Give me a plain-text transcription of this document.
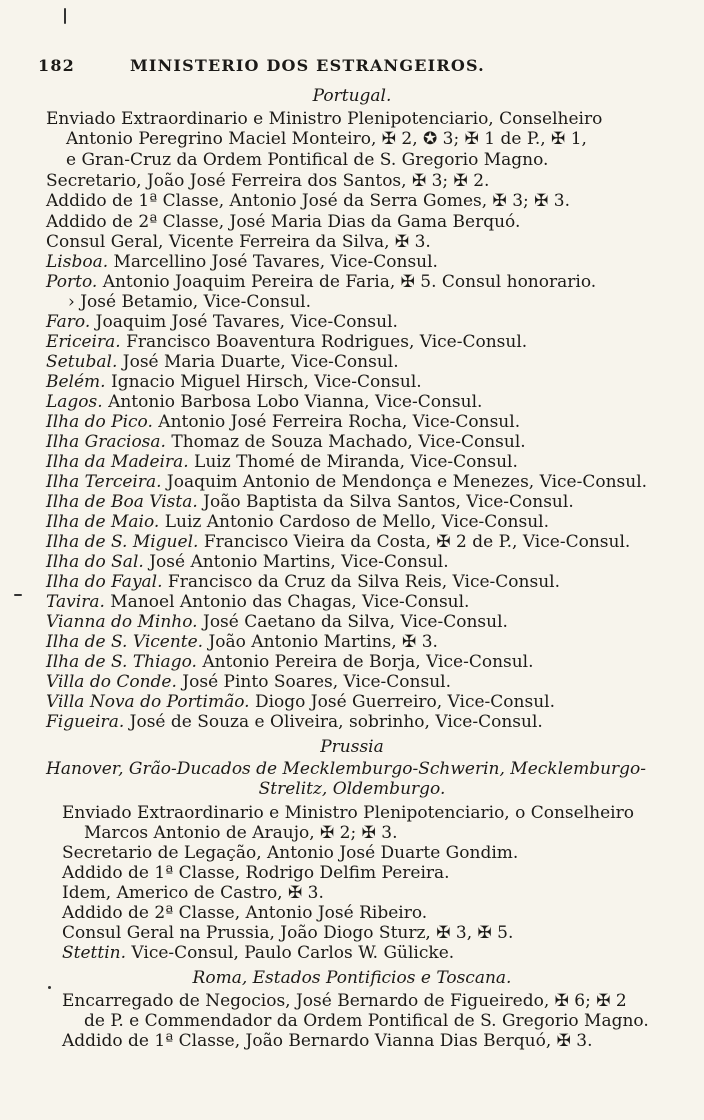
182	MINISTERIO DOS ESTRANGEIROS.
Portugal.
Enviado Extraordinario e Ministro Plenipotenciario, Conselheiro
Antonio Peregrino Maciel Monteiro, ✠ 2, ✪ 3; ✠ 1 de P., ✠ 1,
e Gran-Cruz da Ordem Pontifical de S. Gregorio Magno.
Secretario, João José Ferreira dos Santos, ✠ 3; ✠ 2.
Addido de 1ª Classe, Antonio José da Serra Gomes, ✠ 3; ✠ 3.
Addido de 2ª Classe, José Maria Dias da Gama Berquó.
Consul Geral, Vicente Ferreira da Silva, ✠ 3.
Lisboa. Marcellino José Tavares, Vice-Consul.
Porto. Antonio Joaquim Pereira de Faria, ✠ 5. Consul honorario.
› José Betamio, Vice-Consul.
Faro. Joaquim José Tavares, Vice-Consul.
Ericeira. Francisco Boaventura Rodrigues, Vice-Consul.
Setubal. José Maria Duarte, Vice-Consul.
Belém. Ignacio Miguel Hirsch, Vice-Consul.
Lagos. Antonio Barbosa Lobo Vianna, Vice-Consul.
Ilha do Pico. Antonio José Ferreira Rocha, Vice-Consul.
Ilha Graciosa. Thomaz de Souza Machado, Vice-Consul.
Ilha da Madeira. Luiz Thomé de Miranda, Vice-Consul.
Ilha Terceira. Joaquim Antonio de Mendonça e Menezes, Vice-Consul.
Ilha de Boa Vista. João Baptista da Silva Santos, Vice-Consul.
Ilha de Maio. Luiz Antonio Cardoso de Mello, Vice-Consul.
Ilha de S. Miguel. Francisco Vieira da Costa, ✠ 2 de P., Vice-Consul.
Ilha do Sal. José Antonio Martins, Vice-Consul.
Ilha do Fayal. Francisco da Cruz da Silva Reis, Vice-Consul.
Tavira. Manoel Antonio das Chagas, Vice-Consul.
Vianna do Minho. José Caetano da Silva, Vice-Consul.
Ilha de S. Vicente. João Antonio Martins, ✠ 3.
Ilha de S. Thiago. Antonio Pereira de Borja, Vice-Consul.
Villa do Conde. José Pinto Soares, Vice-Consul.
Villa Nova do Portimão. Diogo José Guerreiro, Vice-Consul.
Figueira. José de Souza e Oliveira, sobrinho, Vice-Consul.
Prussia
Hanover, Grão-Ducados de Mecklemburgo-Schwerin, Mecklemburgo-
Strelitz, Oldemburgo.
Enviado Extraordinario e Ministro Plenipotenciario, o Conselheiro
Marcos Antonio de Araujo, ✠ 2; ✠ 3.
Secretario de Legação, Antonio José Duarte Gondim.
Addido de 1ª Classe, Rodrigo Delfim Pereira.
Idem, Americo de Castro, ✠ 3.
Addido de 2ª Classe, Antonio José Ribeiro.
Consul Geral na Prussia, João Diogo Sturz, ✠ 3, ✠ 5.
Stettin. Vice-Consul, Paulo Carlos W. Gülicke.
Roma, Estados Pontificios e Toscana.
Encarregado de Negocios, José Bernardo de Figueiredo, ✠ 6; ✠ 2
de P. e Commendador da Ordem Pontifical de S. Gregorio Magno.
Addido de 1ª Classe, João Bernardo Vianna Dias Berquó, ✠ 3.
